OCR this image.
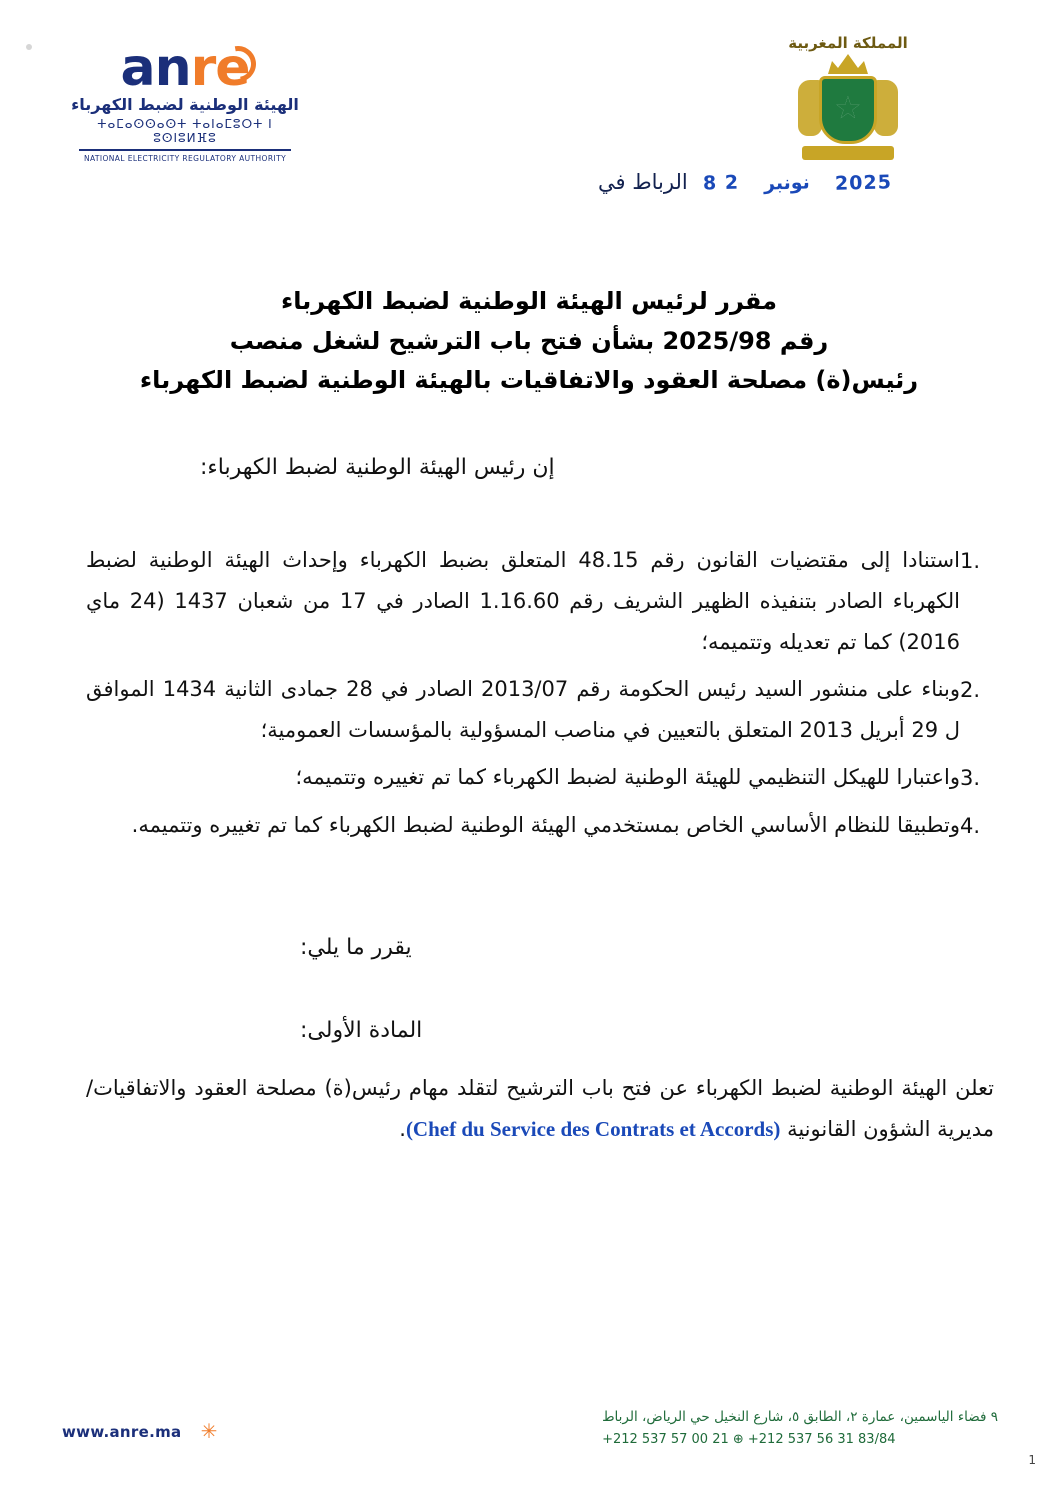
anre
الهيئة الوطنية لضبط الكهرباء
ⵜⴰⵎⴰⵙⵙⴰⵙⵜ ⵜⴰⵏⴰⵎⵓⵔⵜ ⵏ ⵓⵙⵏⵓⵍⴼⵓ
NATIONAL ELECTRICITY REGULATORY AUTHORITY
المملكة المغربية
★
2025 نونبر 2 8 الرباط في
مقرر لرئيس الهيئة الوطنية لضبط الكهرباء
رقم 2025/98 بشأن فتح باب الترشيح لشغل منصب
رئيس(ة) مصلحة العقود والاتفاقيات بالهيئة الوطنية لضبط الكهرباء
إن رئيس الهيئة الوطنية لضبط الكهرباء:
1.
استنادا إلى مقتضيات القانون رقم 48.15 المتعلق بضبط الكهرباء وإحداث الهيئة الوطنية لضبط الكهرباء الصادر بتنفيذه الظهير الشريف رقم 1.16.60 الصادر في 17 من شعبان 1437 (24 ماي 2016) كما تم تعديله وتتميمه؛
2.
وبناء على منشور السيد رئيس الحكومة رقم 2013/07 الصادر في 28 جمادى الثانية 1434 الموافق ل 29 أبريل 2013 المتعلق بالتعيين في مناصب المسؤولية بالمؤسسات العمومية؛
3.
واعتبارا للهيكل التنظيمي للهيئة الوطنية لضبط الكهرباء كما تم تغييره وتتميمه؛
4.
وتطبيقا للنظام الأساسي الخاص بمستخدمي الهيئة الوطنية لضبط الكهرباء كما تم تغييره وتتميمه.
يقرر ما يلي:
المادة الأولى:
تعلن الهيئة الوطنية لضبط الكهرباء عن فتح باب الترشيح لتقلد مهام رئيس(ة) مصلحة العقود والاتفاقيات/مديرية الشؤون القانونية (Chef du Service des Contrats et Accords).
www.anre.ma ✳
٩ فضاء الياسمين، عمارة ٢، الطابق ٥، شارع النخيل حي الرياض، الرباط
+212 537 57 00 21 ⊕ +212 537 56 31 83/84
1
